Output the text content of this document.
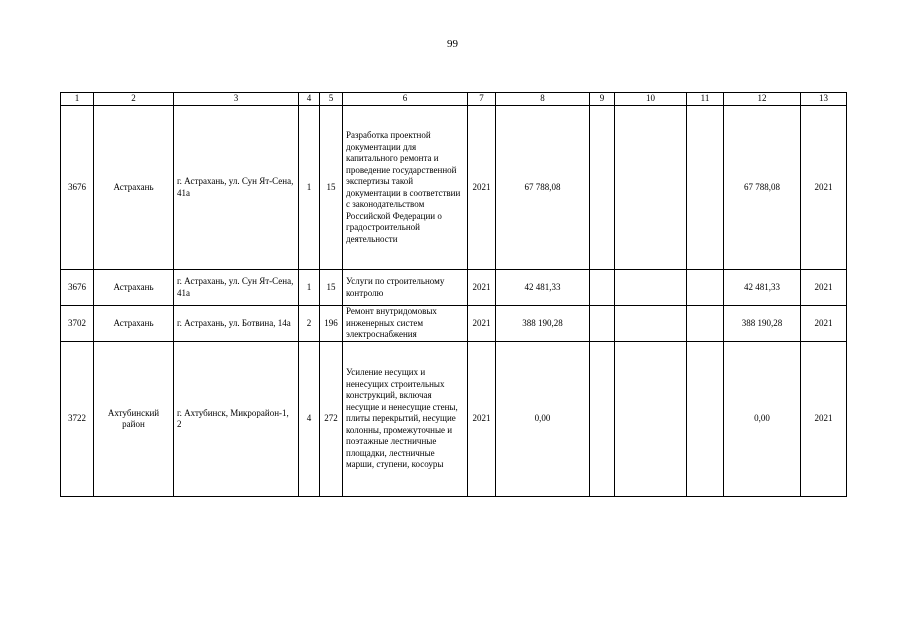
99
1	2	3	4	5	6	7	8	9	10	11	12	13
3676	Астрахань	г. Астрахань, ул. Сун Ят-Сена, 41а	1	15	Разработка проектной документации для капитального ремонта и проведение государственной экспертизы такой документации в соответствии с законодательством Российской Федерации о градостроительной деятельности	2021	67 788,08				67 788,08	2021
3676	Астрахань	г. Астрахань, ул. Сун Ят-Сена, 41а	1	15	Услуги по строительному контролю	2021	42 481,33				42 481,33	2021
3702	Астрахань	г. Астрахань, ул. Ботвина, 14а	2	196	Ремонт внутридомовых инженерных систем электроснабжения	2021	388 190,28				388 190,28	2021
3722	Ахтубинский район	г. Ахтубинск, Микрорайон-1, 2	4	272	Усиление несущих и ненесущих строительных конструкций, включая несущие и ненесущие стены, плиты перекрытий, несущие колонны, промежуточные и поэтажные лестничные площадки, лестничные марши, ступени, косоуры	2021	0,00				0,00	2021
